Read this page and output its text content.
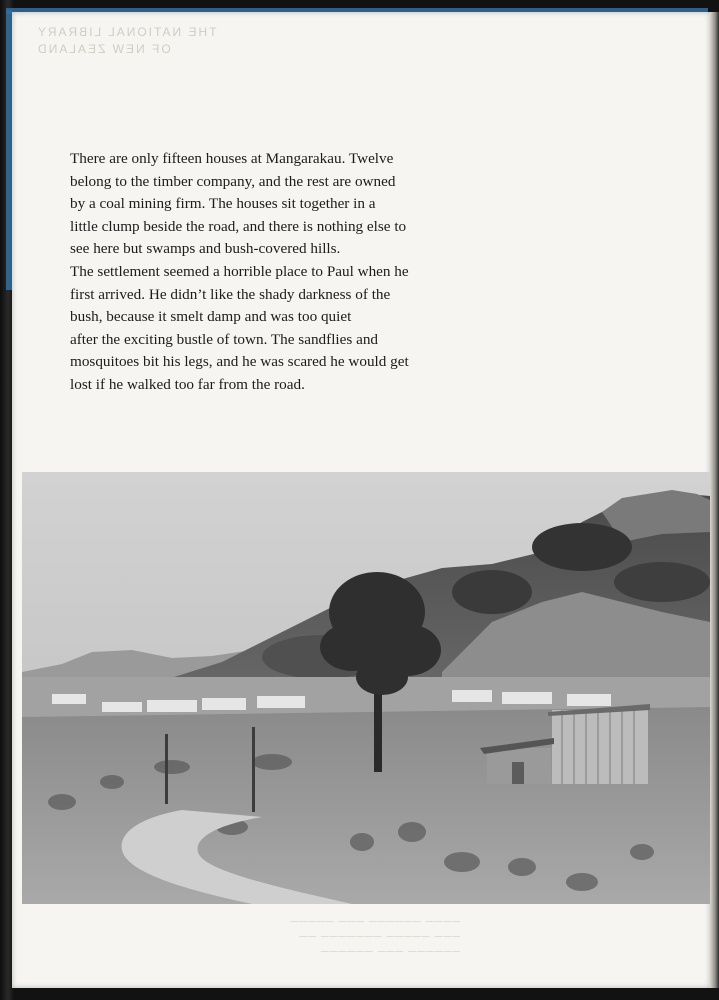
THE NATIONAL LIBRARY
OF NEW ZEALAND

There are only fifteen houses at Mangarakau. Twelve
belong to the timber company, and the rest are owned
by a coal mining firm. The houses sit together in a
little clump beside the road, and there is nothing else to
see here but swamps and bush-covered hills.
The settlement seemed a horrible place to Paul when he
first arrived. He didn’t like the shady darkness of the
bush, because it smelt damp and was too quiet
after the exciting bustle of town. The sandflies and
mosquitoes bit his legs, and he was scared he would get
lost if he walked too far from the road.

──── ────── ─── ─────
─── ───── ─────── ──
────── ─── ──────
